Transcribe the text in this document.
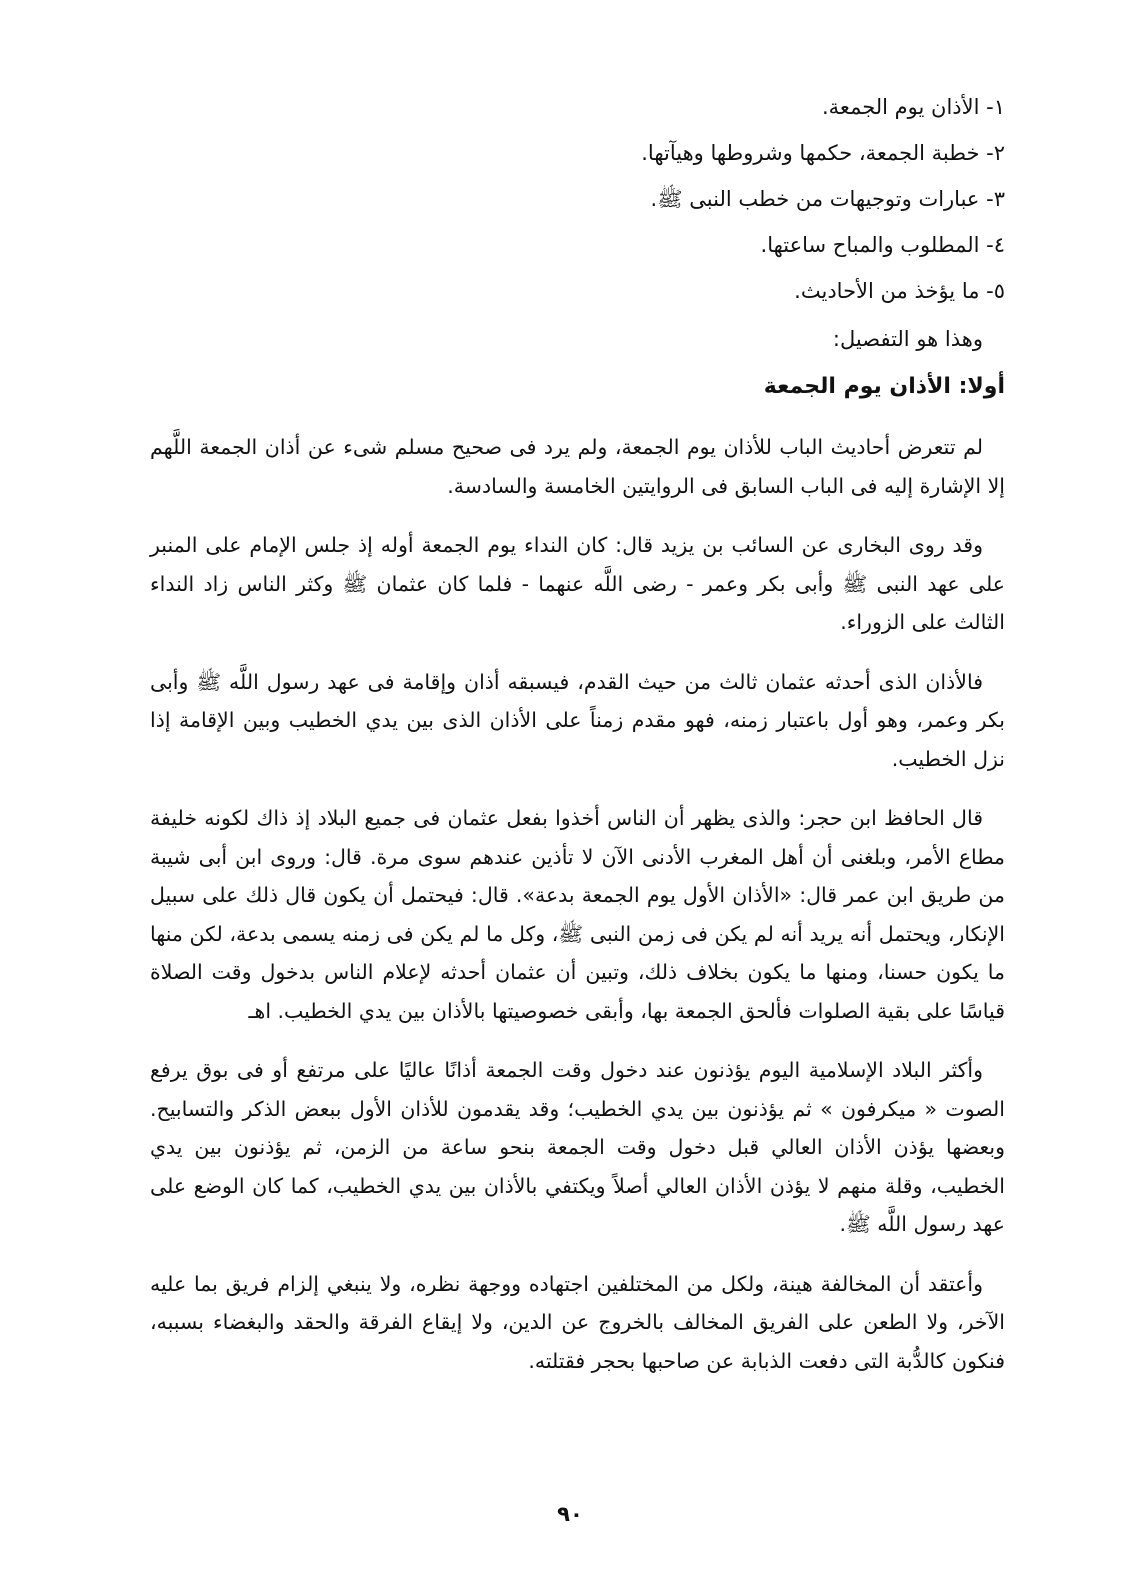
١- الأذان يوم الجمعة.
٢- خطبة الجمعة، حكمها وشروطها وهيآتها.
٣- عبارات وتوجيهات من خطب النبى ﷺ.
٤- المطلوب والمباح ساعتها.
٥- ما يؤخذ من الأحاديث.

وهذا هو التفصيل:

أولا: الأذان يوم الجمعة

لم تتعرض أحاديث الباب للأذان يوم الجمعة، ولم يرد فى صحيح مسلم شىء عن أذان الجمعة اللَّهم إلا الإشارة إليه فى الباب السابق فى الروايتين الخامسة والسادسة.

وقد روى البخارى عن السائب بن يزيد قال: كان النداء يوم الجمعة أوله إذ جلس الإمام على المنبر على عهد النبى ﷺ وأبى بكر وعمر - رضى اللَّه عنهما - فلما كان عثمان ﷺ وكثر الناس زاد النداء الثالث على الزوراء.

فالأذان الذى أحدثه عثمان ثالث من حيث القدم، فيسبقه أذان وإقامة فى عهد رسول اللَّه ﷺ وأبى بكر وعمر، وهو أول باعتبار زمنه، فهو مقدم زمناً على الأذان الذى بين يدي الخطيب وبين الإقامة إذا نزل الخطيب.

قال الحافظ ابن حجر: والذى يظهر أن الناس أخذوا بفعل عثمان فى جميع البلاد إذ ذاك لكونه خليفة مطاع الأمر، وبلغنى أن أهل المغرب الأدنى الآن لا تأذين عندهم سوى مرة. قال: وروى ابن أبى شيبة من طريق ابن عمر قال: «الأذان الأول يوم الجمعة بدعة». قال: فيحتمل أن يكون قال ذلك على سبيل الإنكار، ويحتمل أنه يريد أنه لم يكن فى زمن النبى ﷺ، وكل ما لم يكن فى زمنه يسمى بدعة، لكن منها ما يكون حسنا، ومنها ما يكون بخلاف ذلك، وتبين أن عثمان أحدثه لإعلام الناس بدخول وقت الصلاة قياسًا على بقية الصلوات فألحق الجمعة بها، وأبقى خصوصيتها بالأذان بين يدي الخطيب. اهـ

وأكثر البلاد الإسلامية اليوم يؤذنون عند دخول وقت الجمعة أذانًا عاليًا على مرتفع أو فى بوق يرفع الصوت « ميكرفون » ثم يؤذنون بين يدي الخطيب؛ وقد يقدمون للأذان الأول ببعض الذكر والتسابيح. وبعضها يؤذن الأذان العالي قبل دخول وقت الجمعة بنحو ساعة من الزمن، ثم يؤذنون بين يدي الخطيب، وقلة منهم لا يؤذن الأذان العالي أصلاً ويكتفي بالأذان بين يدي الخطيب، كما كان الوضع على عهد رسول اللَّه ﷺ.

وأعتقد أن المخالفة هينة، ولكل من المختلفين اجتهاده ووجهة نظره، ولا ينبغي إلزام فريق بما عليه الآخر، ولا الطعن على الفريق المخالف بالخروج عن الدين، ولا إيقاع الفرقة والحقد والبغضاء بسببه، فنكون كالدُّبة التى دفعت الذبابة عن صاحبها بحجر فقتلته.

٩٠
